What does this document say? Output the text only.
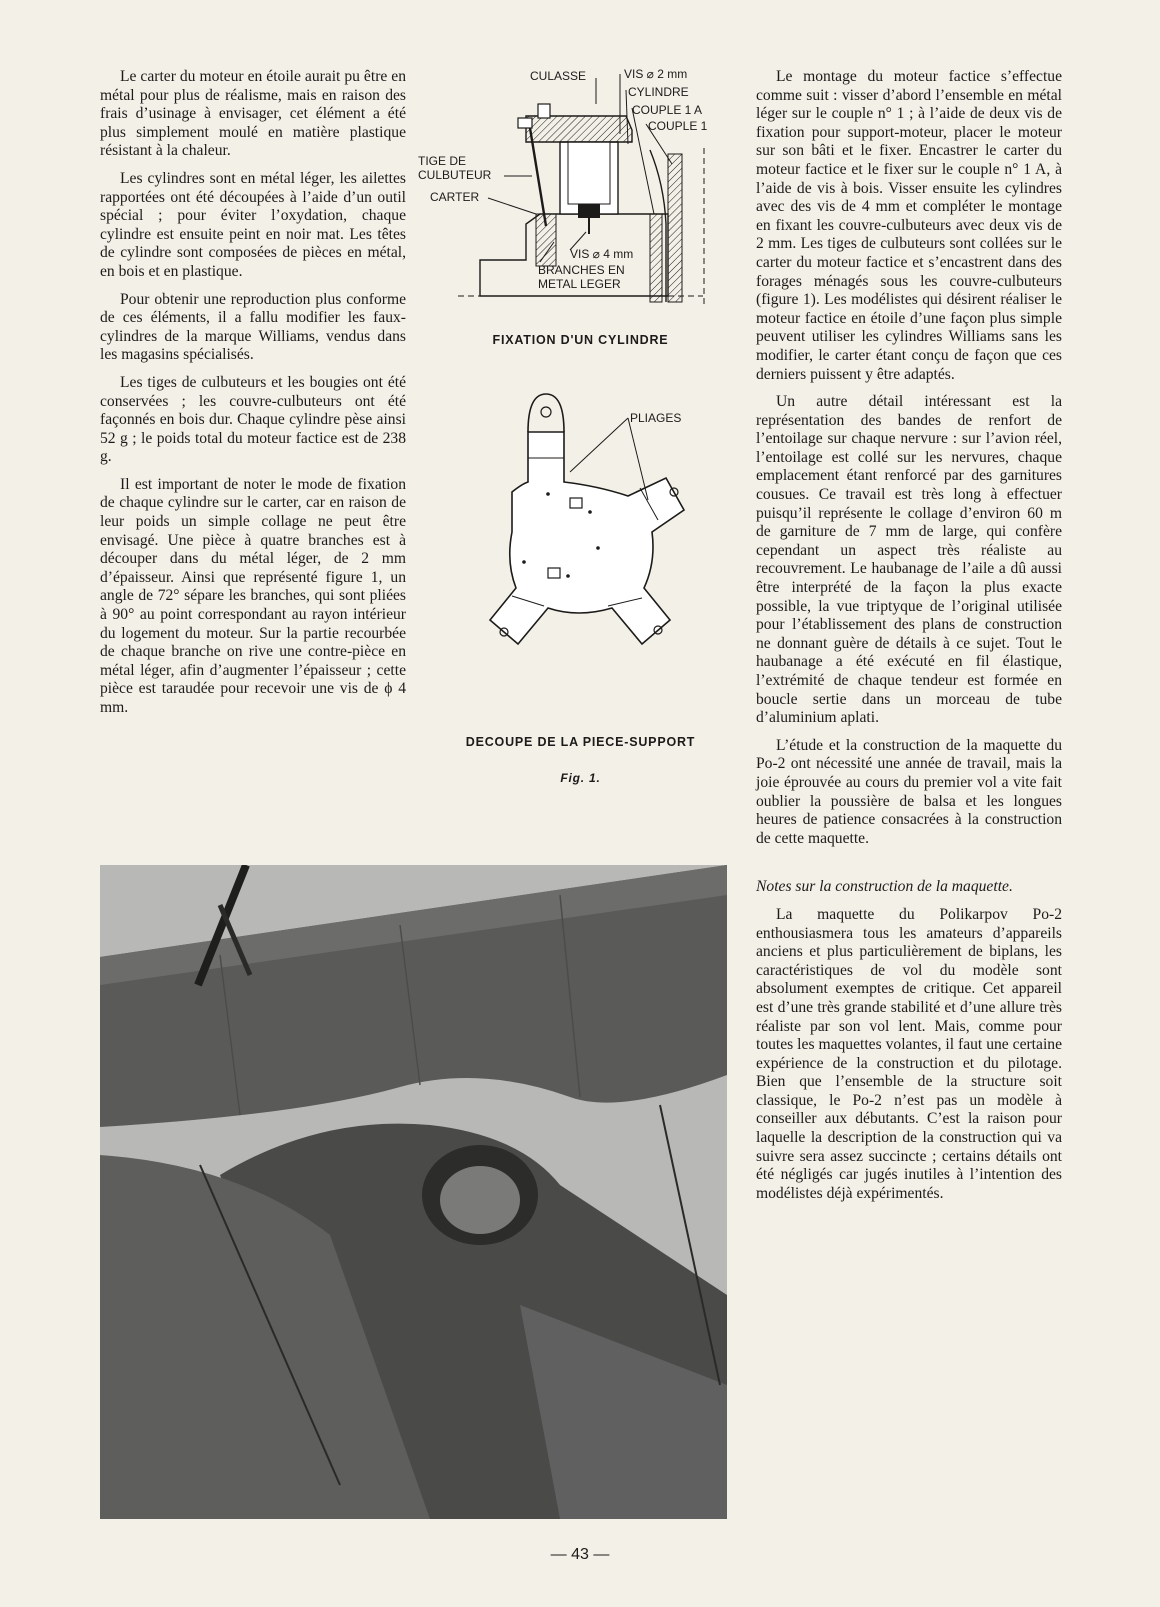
Le carter du moteur en étoile aurait pu être en métal pour plus de réalisme, mais en raison des frais d’usinage à envisager, cet élément a été plus simplement moulé en matière plastique résistant à la chaleur.

Les cylindres sont en métal léger, les ailettes rapportées ont été découpées à l’aide d’un outil spécial ; pour éviter l’oxydation, chaque cylindre est ensuite peint en noir mat. Les têtes de cylindre sont composées de pièces en métal, en bois et en plastique.

Pour obtenir une reproduction plus conforme de ces éléments, il a fallu modifier les faux-cylindres de la marque Williams, vendus dans les magasins spécialisés.

Les tiges de culbuteurs et les bougies ont été conservées ; les couvre-culbuteurs ont été façonnés en bois dur. Chaque cylindre pèse ainsi 52 g ; le poids total du moteur factice est de 238 g.

Il est important de noter le mode de fixation de chaque cylindre sur le carter, car en raison de leur poids un simple collage ne peut être envisagé. Une pièce à quatre branches est à découper dans du métal léger, de 2 mm d’épaisseur. Ainsi que représenté figure 1, un angle de 72° sépare les branches, qui sont pliées à 90° au point correspondant au rayon intérieur du logement du moteur. Sur la partie recourbée de chaque branche on rive une contre-pièce en métal léger, afin d’augmenter l’épaisseur ; cette pièce est taraudée pour recevoir une vis de ϕ 4 mm.

CULASSE	VIS ⌀ 2 mm
CYLINDRE
COUPLE 1 A
COUPLE 1
TIGE DE
CULBUTEUR
CARTER
VIS ⌀ 4 mm
BRANCHES EN
METAL LEGER
FIXATION D'UN CYLINDRE
PLIAGES
DECOUPE DE LA PIECE-SUPPORT
Fig. 1.

Le montage du moteur factice s’effectue comme suit : visser d’abord l’ensemble en métal léger sur le couple n° 1 ; à l’aide de deux vis de fixation pour support-moteur, placer le moteur sur son bâti et le fixer. Encastrer le carter du moteur factice et le fixer sur le couple n° 1 A, à l’aide de vis à bois. Visser ensuite les cylindres avec des vis de 4 mm et compléter le montage en fixant les couvre-culbuteurs avec deux vis de 2 mm. Les tiges de culbuteurs sont collées sur le carter du moteur factice et s’encastrent dans des forages ménagés sous les couvre-culbuteurs (figure 1). Les modélistes qui désirent réaliser le moteur factice en étoile d’une façon plus simple peuvent utiliser les cylindres Williams sans les modifier, le carter étant conçu de façon que ces derniers puissent y être adaptés.

Un autre détail intéressant est la représentation des bandes de renfort de l’entoilage sur chaque nervure : sur l’avion réel, l’entoilage est collé sur les nervures, chaque emplacement étant renforcé par des garnitures cousues. Ce travail est très long à effectuer puisqu’il représente le collage d’environ 60 m de garniture de 7 mm de large, qui confère cependant un aspect très réaliste au recouvrement. Le haubanage de l’aile a dû aussi être interprété de la façon la plus exacte possible, la vue triptyque de l’original utilisée pour l’établissement des plans de construction ne donnant guère de détails à ce sujet. Tout le haubanage a été exécuté en fil élastique, l’extrémité de chaque tendeur est formée en boucle sertie dans un morceau de tube d’aluminium aplati.

L’étude et la construction de la maquette du Po-2 ont nécessité une année de travail, mais la joie éprouvée au cours du premier vol a vite fait oublier la poussière de balsa et les longues heures de patience consacrées à la construction de cette maquette.

Notes sur la construction de la maquette.

La maquette du Polikarpov Po-2 enthousiasmera tous les amateurs d’appareils anciens et plus particulièrement de biplans, les caractéristiques de vol du modèle sont absolument exemptes de critique. Cet appareil est d’une très grande stabilité et d’une allure très réaliste par son vol lent. Mais, comme pour toutes les maquettes volantes, il faut une certaine expérience de la construction et du pilotage. Bien que l’ensemble de la structure soit classique, le Po-2 n’est pas un modèle à conseiller aux débutants. C’est la raison pour laquelle la description de la construction qui va suivre sera assez succincte ; certains détails ont été négligés car jugés inutiles à l’intention des modélistes déjà expérimentés.

— 43 —
